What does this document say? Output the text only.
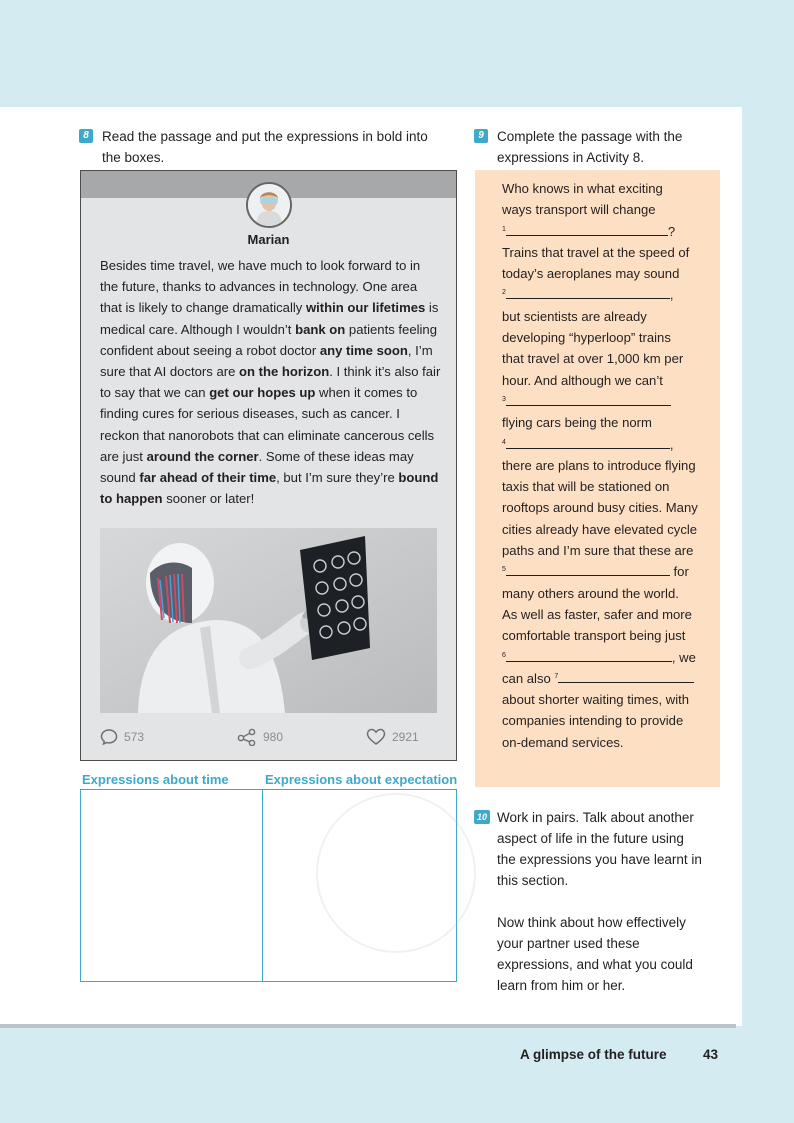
8 Read the passage and put the expressions in bold into
the boxes.
Marian
Besides time travel, we have much to look forward to in the future, thanks to advances in technology. One area that is likely to change dramatically within our lifetimes is medical care. Although I wouldn’t bank on patients feeling confident about seeing a robot doctor any time soon, I’m sure that AI doctors are on the horizon. I think it’s also fair to say that we can get our hopes up when it comes to finding cures for serious diseases, such as cancer. I reckon that nanorobots that can eliminate cancerous cells are just around the corner. Some of these ideas may sound far ahead of their time, but I’m sure they’re bound to happen sooner or later!
573	980	2921
Expressions about time	Expressions about expectation
9 Complete the passage with the
expressions in Activity 8.
Who knows in what exciting
ways transport will change
$^1$	?
Trains that travel at the speed of
today’s aeroplanes may sound
$^2$	,
but scientists are already
developing “hyperloop” trains
that travel at over 1,000 km per
hour. And although we can’t
$^3$
flying cars being the norm
$^4$	,
there are plans to introduce flying
taxis that will be stationed on
rooftops around busy cities. Many
cities already have elevated cycle
paths and I’m sure that these are
$^5$	for
many others around the world.
As well as faster, safer and more
comfortable transport being just
$^6$	, we
can also $^7$
about shorter waiting times, with
companies intending to provide
on-demand services.
10 Work in pairs. Talk about another
aspect of life in the future using
the expressions you have learnt in
this section.
Now think about how effectively
your partner used these
expressions, and what you could
learn from him or her.
A glimpse of the future	43
